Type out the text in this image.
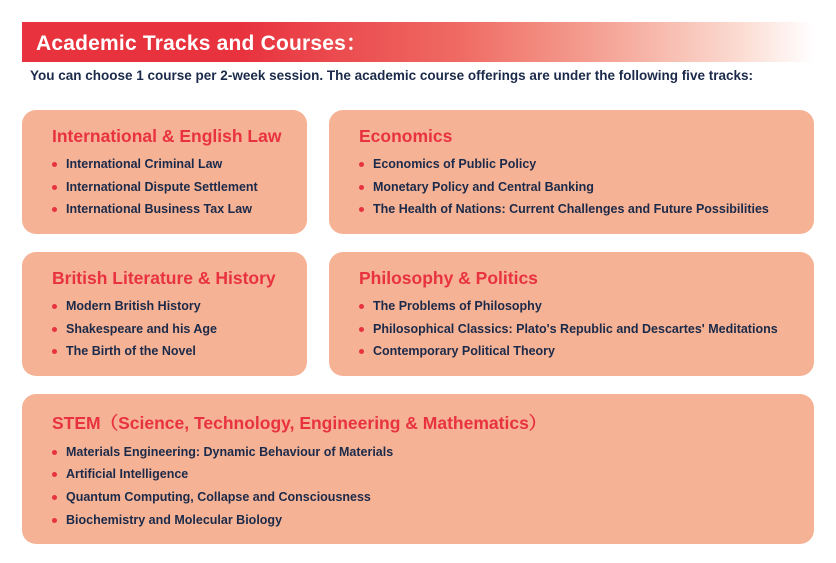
Academic Tracks and Courses：
You can choose 1 course per 2-week session. The academic course offerings are under the following five tracks:
International & English Law
International Criminal Law
International Dispute Settlement
International Business Tax Law
Economics
Economics of Public Policy
Monetary Policy and Central Banking
The Health of Nations: Current Challenges and Future Possibilities
British Literature & History
Modern British History
Shakespeare and his Age
The Birth of the Novel
Philosophy & Politics
The Problems of Philosophy
Philosophical Classics: Plato's Republic and Descartes' Meditations
Contemporary Political Theory
STEM（Science, Technology, Engineering & Mathematics）
Materials Engineering: Dynamic Behaviour of Materials
Artificial Intelligence
Quantum Computing, Collapse and Consciousness
Biochemistry and Molecular Biology
